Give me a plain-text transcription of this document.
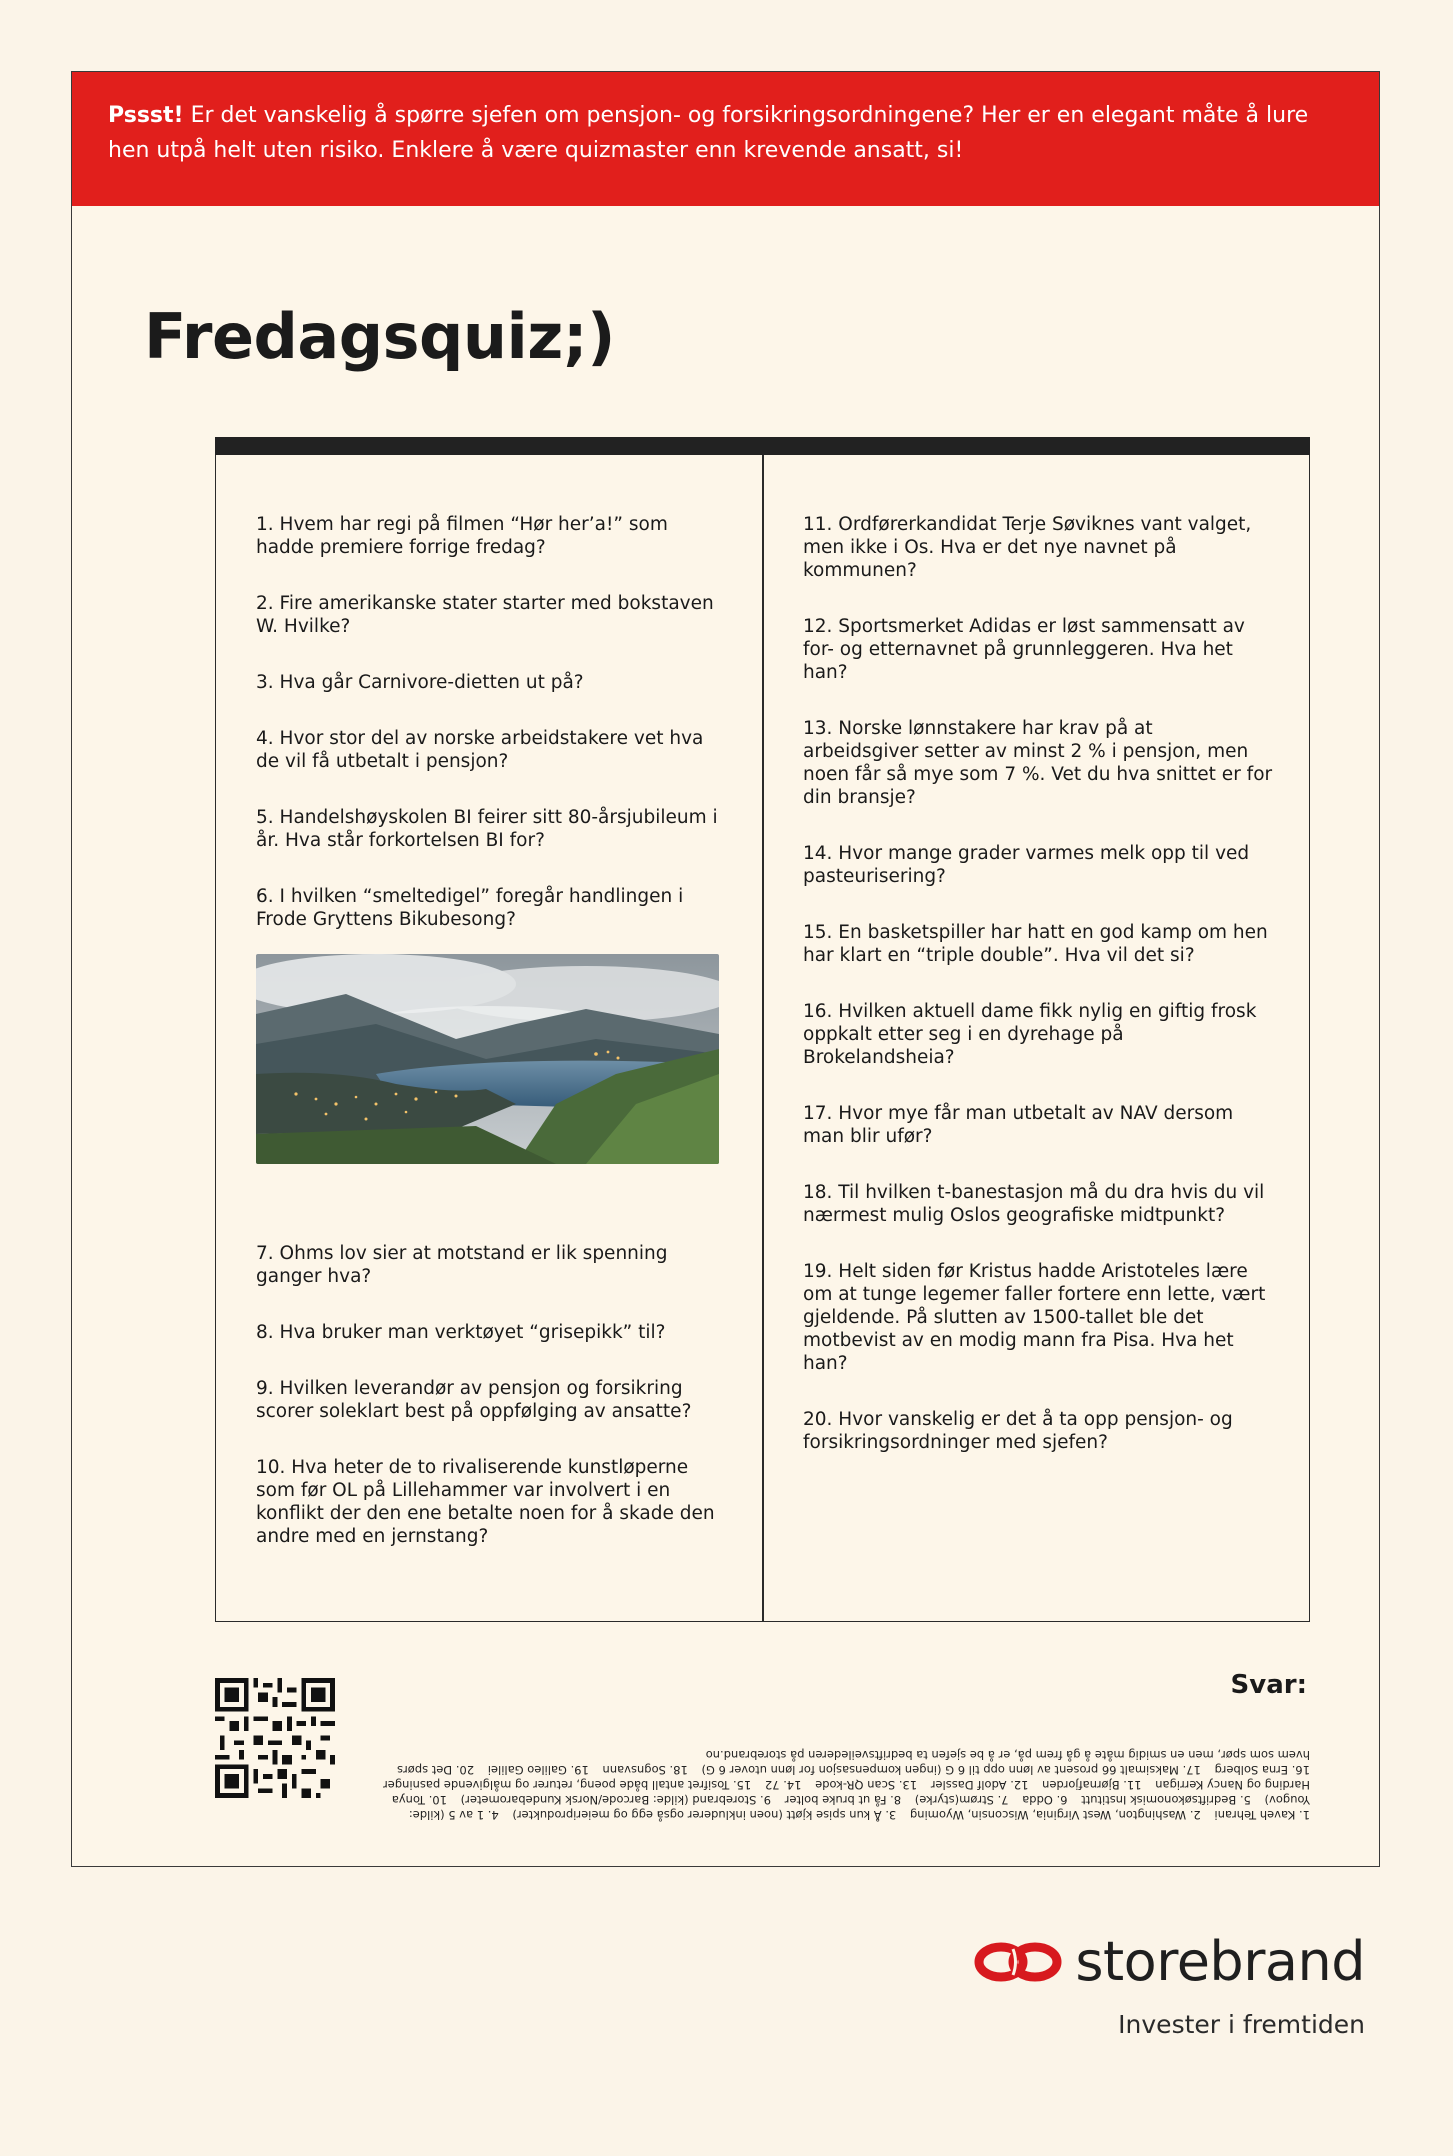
Pssst! Er det vanskelig å spørre sjefen om pensjon- og forsikringsordningene? Her er en elegant måte å lure hen utpå helt uten risiko. Enklere å være quizmaster enn krevende ansatt, si!
Fredagsquiz;)

1. Hvem har regi på filmen “Hør her’a!” som hadde premiere forrige fredag?

2. Fire amerikanske stater starter med bokstaven W. Hvilke?

3. Hva går Carnivore-dietten ut på?

4. Hvor stor del av norske arbeidstakere vet hva de vil få utbetalt i pensjon?

5. Handelshøyskolen BI feirer sitt 80-årsjubileum i år. Hva står forkortelsen BI for?

6. I hvilken “smeltedigel” foregår handlingen i Frode Gryttens Bikubesong?

7. Ohms lov sier at motstand er lik spenning ganger hva?

8. Hva bruker man verktøyet “grisepikk” til?

9. Hvilken leverandør av pensjon og forsikring scorer soleklart best på oppfølging av ansatte?

10. Hva heter de to rivaliserende kunstløperne som før OL på Lillehammer var involvert i en konflikt der den ene betalte noen for å skade den andre med en jernstang?

11. Ordførerkandidat Terje Søviknes vant valget, men ikke i Os. Hva er det nye navnet på kommunen?

12. Sportsmerket Adidas er løst sammensatt av for- og etternavnet på grunnleggeren. Hva het han?

13. Norske lønnstakere har krav på at arbeidsgiver setter av minst 2 % i pensjon, men noen får så mye som 7 %. Vet du hva snittet er for din bransje?

14. Hvor mange grader varmes melk opp til ved pasteurisering?

15. En basketspiller har hatt en god kamp om hen har klart en “triple double”. Hva vil det si?

16. Hvilken aktuell dame fikk nylig en giftig frosk oppkalt etter seg i en dyrehage på Brokelandsheia?

17. Hvor mye får man utbetalt av NAV dersom man blir ufør?

18. Til hvilken t-banestasjon må du dra hvis du vil nærmest mulig Oslos geografiske midtpunkt?

19. Helt siden før Kristus hadde Aristoteles lære om at tunge legemer faller fortere enn lette, vært gjeldende. På slutten av 1500-tallet ble det motbevist av en modig mann fra Pisa. Hva het han?

20. Hvor vanskelig er det å ta opp pensjon- og forsikringsordninger med sjefen?

Svar:
1. Kaveh Tehrani 2. Washington, West Virginia, Wisconsin, Wyoming 3. Å kun spise kjøtt (noen inkluderer også egg og meieriprodukter) 4. 1 av 5 (kilde: Yougov) 5. Bedriftsøkonomisk Institutt 6. Odda 7. Strøm(styrke) 8. Få ut bruke bolter 9. Storebrand (kilde: Barcode/Norsk Kundebarometer) 10. Tonya Harding og Nancy Kerrigan 11. Bjørnafjorden 12. Adolf Dassler 13. Scan QR-kode 14. 72 15. Tosifret antall både poeng, returer og målgivende pasninger 16. Erna Solberg 17. Maksimalt 66 prosent av lønn opp til 6 G (ingen kompensasjon for lønn utover 6 G) 18. Sognsvann 19. Galileo Galilei 20. Det spørs hvem som spør, men en smidig måte å gå frem på, er å be sjefen ta bedriftsveilederen på storebrand.no
storebrand
Invester i fremtiden
